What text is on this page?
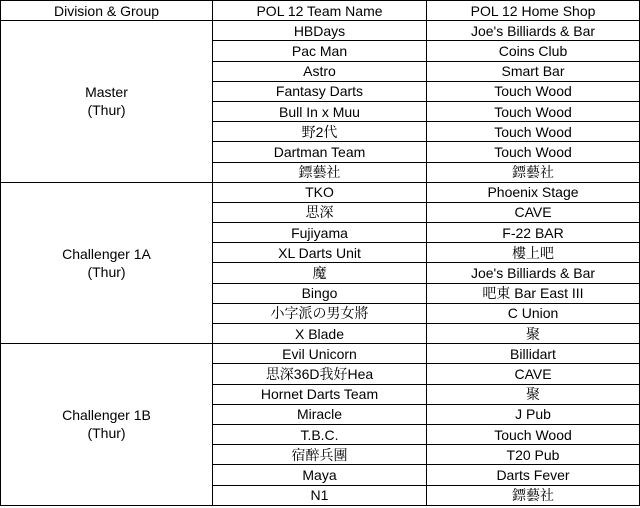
Division & Group	POL 12 Team Name	POL 12 Home Shop

Master
(Thur)	HBDays	Joe's Billiards & Bar
	Pac Man	Coins Club
	Astro	Smart Bar
	Fantasy Darts	Touch Wood
	Bull In x Muu	Touch Wood
	野2代	Touch Wood
	Dartman Team	Touch Wood
	鏢藝社	鏢藝社

Challenger 1A
(Thur)	TKO	Phoenix Stage
	思深	CAVE
	Fujiyama	F-22 BAR
	XL Darts Unit	樓上吧
	魔	Joe's Billiards & Bar
	Bingo	吧東 Bar East III
	小字派の男女將	C Union
	X Blade	聚

Challenger 1B
(Thur)	Evil Unicorn	Billidart
	思深36D我好Hea	CAVE
	Hornet Darts Team	聚
	Miracle	J Pub
	T.B.C.	Touch Wood
	宿醉兵團	T20 Pub
	Maya	Darts Fever
	N1	鏢藝社
